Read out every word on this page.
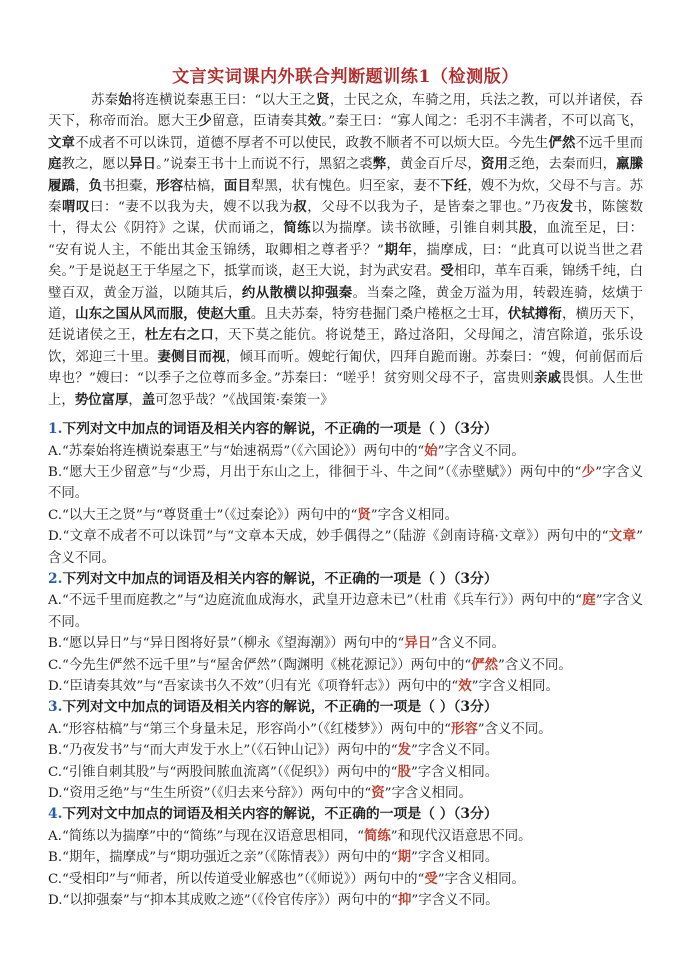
文言实词课内外联合判断题训练1（检测版）

苏秦始将连横说秦惠王曰：“以大王之贤，士民之众，车骑之用，兵法之教，可以并诸侯，吞天下，称帝而治。愿大王少留意，臣请奏其效。”秦王曰：“寡人闻之：毛羽不丰满者，不可以高飞，文章不成者不可以诛罚，道德不厚者不可以使民，政教不顺者不可以烦大臣。今先生俨然不远千里而庭教之，愿以异日。”说秦王书十上而说不行，黑貂之裘弊，黄金百斤尽，资用乏绝，去秦而归，羸縢履蹻，负书担橐，形容枯槁，面目犁黑，状有愧色。归至家，妻不下纴，嫂不为炊，父母不与言。苏秦喟叹曰：“妻不以我为夫，嫂不以我为叔，父母不以我为子，是皆秦之罪也。”乃夜发书，陈箧数十，得太公《阴符》之谋，伏而诵之，简练以为揣摩。读书欲睡，引锥自刺其股，血流至足，曰：“安有说人主，不能出其金玉锦绣，取卿相之尊者乎？”期年，揣摩成，曰：“此真可以说当世之君矣。”于是说赵王于华屋之下，抵掌而谈，赵王大说，封为武安君。受相印，革车百乘，锦绣千纯，白璧百双，黄金万溢，以随其后，约从散横以抑强秦。当秦之隆，黄金万溢为用，转毂连骑，炫熿于道，山东之国从风而服，使赵大重。且夫苏秦，特穷巷掘门桑户棬枢之士耳，伏轼撙衔，横历天下，廷说诸侯之王，杜左右之口，天下莫之能伉。将说楚王，路过洛阳，父母闻之，清宫除道，张乐设饮，郊迎三十里。妻侧目而视，倾耳而听。嫂蛇行匍伏，四拜自跪而谢。苏秦曰：“嫂，何前倨而后卑也？”嫂曰：“以季子之位尊而多金。”苏秦曰：“嗟乎！贫穷则父母不子，富贵则亲戚畏惧。人生世上，势位富厚，盖可忽乎哉？”《战国策·秦策一》

1.下列对文中加点的词语及相关内容的解说，不正确的一项是（ ）（3分）

A.“苏秦始将连横说秦惠王”与“始速祸焉”（《六国论》）两句中的“始”字含义不同。

B.“愿大王少留意”与“少焉，月出于东山之上，徘徊于斗、牛之间”（《赤壁赋》）两句中的“少”字含义不同。

C.“以大王之贤”与“尊贤重士”（《过秦论》）两句中的“贤”字含义相同。

D.“文章不成者不可以诛罚”与“文章本天成，妙手偶得之”（陆游《剑南诗稿·文章》）两句中的“文章”含义不同。

2.下列对文中加点的词语及相关内容的解说，不正确的一项是（ ）（3分）

A.“不远千里而庭教之”与“边庭流血成海水，武皇开边意未已”（杜甫《兵车行》）两句中的“庭”字含义不同。

B.“愿以异日”与“异日图将好景”（柳永《望海潮》）两句中的“异日”含义不同。

C.“今先生俨然不远千里”与“屋舍俨然”（陶渊明《桃花源记》）两句中的“俨然”含义不同。

D.“臣请奏其效”与“吾家读书久不效”（归有光《项脊轩志》）两句中的“效”字含义相同。

3.下列对文中加点的词语及相关内容的解说，不正确的一项是（ ）（3分）

A.“形容枯槁”与“第三个身量未足，形容尚小”（《红楼梦》）两句中的“形容”含义不同。

B.“乃夜发书”与“而大声发于水上”（《石钟山记》）两句中的“发”字含义不同。

C.“引锥自刺其股”与“两股间脓血流离”（《促织》）两句中的“股”字含义相同。

D.“资用乏绝”与“生生所资”（《归去来兮辞》）两句中的“资”字含义相同。

4.下列对文中加点的词语及相关内容的解说，不正确的一项是（ ）（3分）

A.“简练以为揣摩”中的“简练”与现在汉语意思相同，“简练”和现代汉语意思不同。

B.“期年，揣摩成”与“期功强近之亲”（《陈情表》）两句中的“期”字含义相同。

C.“受相印”与“师者，所以传道受业解惑也”（《师说》）两句中的“受”字含义相同。

D.“以抑强秦”与“抑本其成败之迹”（《伶官传序》）两句中的“抑”字含义不同。
